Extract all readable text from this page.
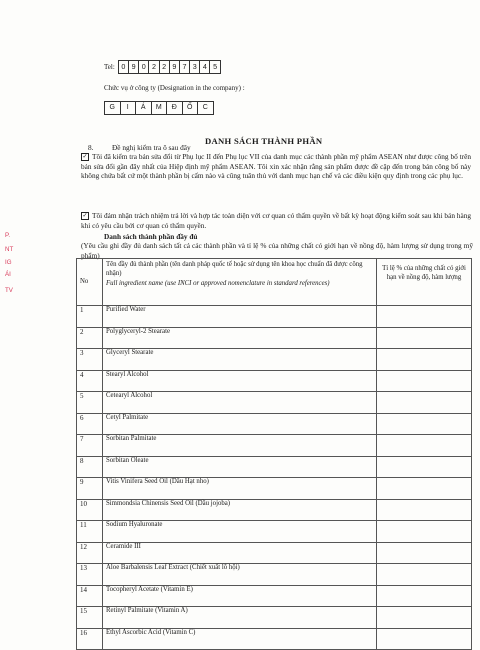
Tel: 0 9 0 2 2 9 7 3 4 5
Chức vụ ở công ty (Designation in the company) :
G	I	Á	M	Đ	Ố	C
DANH SÁCH THÀNH PHẦN
8.	Đề nghị kiểm tra ô sau đây
✓ Tôi đã kiểm tra bản sửa đổi từ Phụ lục II đến Phụ lục VII của danh mục các thành phần mỹ phẩm ASEAN như được công bố trên bản sửa đổi gần đây nhất của Hiệp định mỹ phẩm ASEAN. Tôi xin xác nhận rằng sản phẩm được đề cập đến trong bản công bố này không chứa bất cứ một thành phần bị cấm nào và cũng tuân thủ với danh mục hạn chế và các điều kiện quy định trong các phụ lục.
✓ Tôi đảm nhận trách nhiệm trả lời và hợp tác toàn diện với cơ quan có thẩm quyền về bất kỳ hoạt động kiểm soát sau khi bán hàng khi có yêu cầu bởi cơ quan có thẩm quyền.
Danh sách thành phần đầy đủ
(Yêu cầu ghi đầy đủ danh sách tất cả các thành phần và tỉ lệ % của những chất có giới hạn về nồng độ, hàm lượng sử dụng trong mỹ phẩm)
No	Tên đầy đủ thành phần (tên danh pháp quốc tế hoặc sử dụng tên khoa học chuẩn đã được công nhận)
Full ingredient name (use INCI or approved nomenclature in standard references)	Tỉ lệ % của những chất có giới hạn về nồng độ, hàm lượng
1	Purified Water	
2	Polyglyceryl-2 Stearate	
3	Glyceryl Stearate	
4	Stearyl Alcohol	
5	Cetearyl Alcohol	
6	Cetyl Palmitate	
7	Sorbitan Palmitate	
8	Sorbitan Oleate	
9	Vitis Vinifera Seed Oil (Dầu Hạt nho)	
10	Simmondsia Chinensis Seed Oil (Dầu jojoba)	
11	Sodium Hyaluronate	
12	Ceramide III	
13	Aloe Barbalensis Leaf Extract (Chiết xuất lô hội)	
14	Tocopheryl Acetate (Vitamin E)	
15	Retinyl Palmitate (Vitamin A)	
16	Ethyl Ascorbic Acid (Vitamin C)	
P.
NT
IG
ÁI
TV
